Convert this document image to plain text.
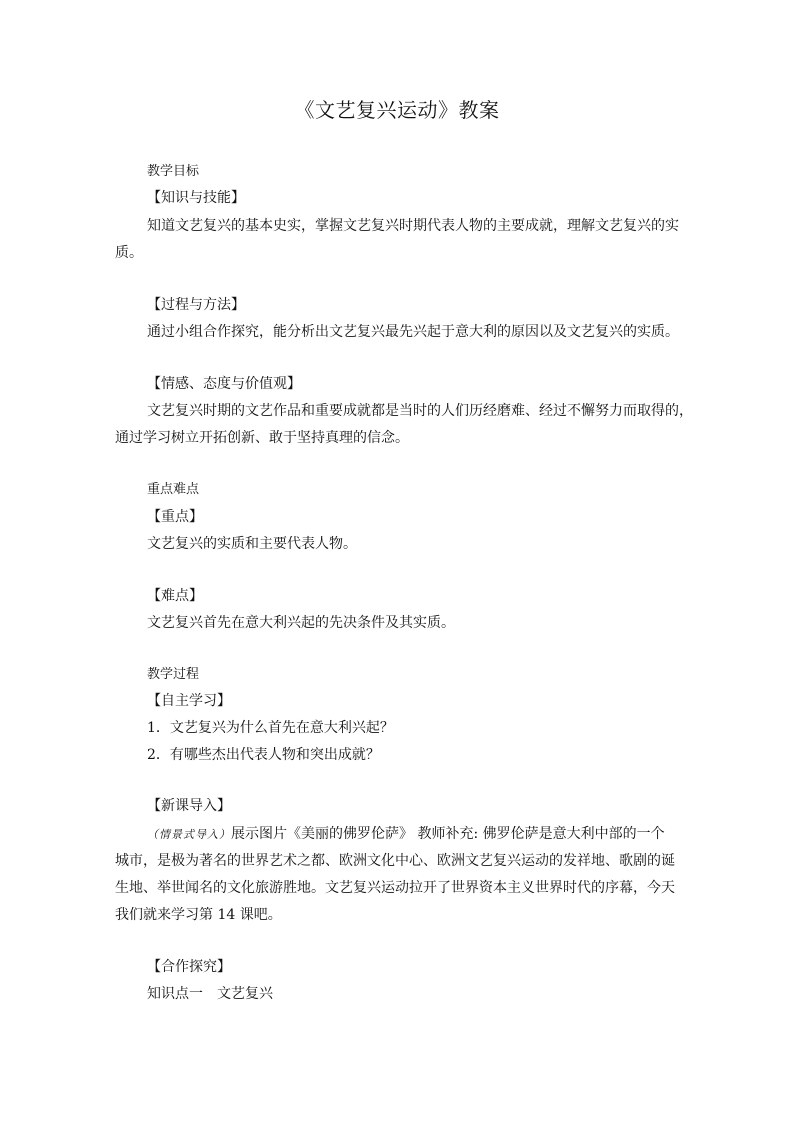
《文艺复兴运动》教案
教学目标
【知识与技能】
知道文艺复兴的基本史实，掌握文艺复兴时期代表人物的主要成就，理解文艺复兴的实
质。
【过程与方法】
通过小组合作探究，能分析出文艺复兴最先兴起于意大利的原因以及文艺复兴的实质。
【情感、态度与价值观】
文艺复兴时期的文艺作品和重要成就都是当时的人们历经磨难、经过不懈努力而取得的，
通过学习树立开拓创新、敢于坚持真理的信念。
重点难点
【重点】
文艺复兴的实质和主要代表人物。
【难点】
文艺复兴首先在意大利兴起的先决条件及其实质。
教学过程
【自主学习】
1．文艺复兴为什么首先在意大利兴起？
2．有哪些杰出代表人物和突出成就？
【新课导入】
（情景式导入）展示图片《美丽的佛罗伦萨》 教师补充: 佛罗伦萨是意大利中部的一个
城市，是极为著名的世界艺术之都、欧洲文化中心、欧洲文艺复兴运动的发祥地、歌剧的诞
生地、举世闻名的文化旅游胜地。文艺复兴运动拉开了世界资本主义世界时代的序幕，今天
我们就来学习第 14 课吧。
【合作探究】
知识点一　文艺复兴
